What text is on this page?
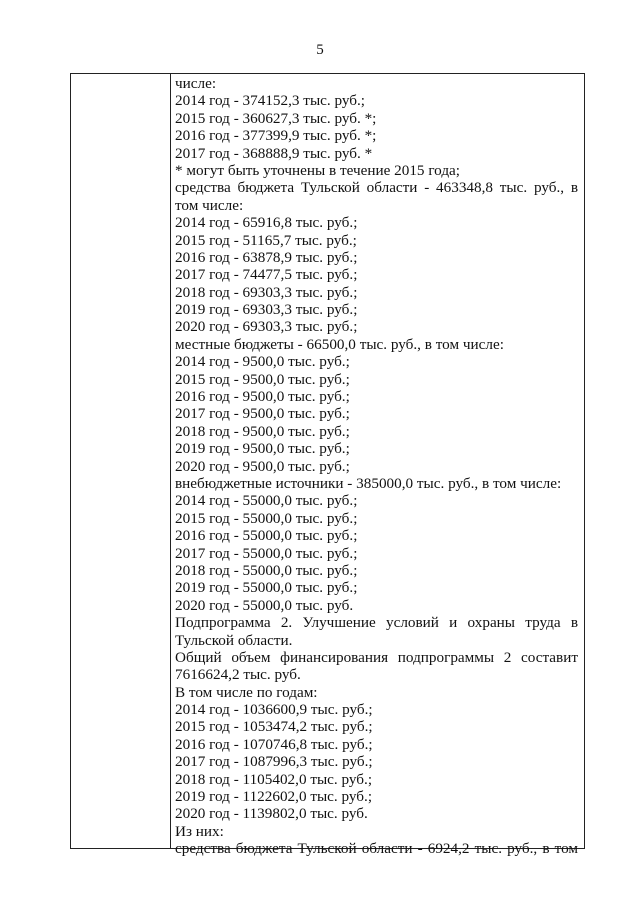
5
числе:
2014 год - 374152,3 тыс. руб.;
2015 год - 360627,3 тыс. руб. *;
2016 год - 377399,9 тыс. руб. *;
2017 год - 368888,9 тыс. руб. *
* могут быть уточнены в течение 2015 года;
средства бюджета Тульской области - 463348,8 тыс. руб., в
том числе:
2014 год - 65916,8 тыс. руб.;
2015 год - 51165,7 тыс. руб.;
2016 год - 63878,9 тыс. руб.;
2017 год - 74477,5 тыс. руб.;
2018 год - 69303,3 тыс. руб.;
2019 год - 69303,3 тыс. руб.;
2020 год - 69303,3 тыс. руб.;
местные бюджеты - 66500,0 тыс. руб., в том числе:
2014 год - 9500,0 тыс. руб.;
2015 год - 9500,0 тыс. руб.;
2016 год - 9500,0 тыс. руб.;
2017 год - 9500,0 тыс. руб.;
2018 год - 9500,0 тыс. руб.;
2019 год - 9500,0 тыс. руб.;
2020 год - 9500,0 тыс. руб.;
внебюджетные источники - 385000,0 тыс. руб., в том числе:
2014 год - 55000,0 тыс. руб.;
2015 год - 55000,0 тыс. руб.;
2016 год - 55000,0 тыс. руб.;
2017 год - 55000,0 тыс. руб.;
2018 год - 55000,0 тыс. руб.;
2019 год - 55000,0 тыс. руб.;
2020 год - 55000,0 тыс. руб.
Подпрограмма 2. Улучшение условий и охраны труда в
Тульской области.
Общий объем финансирования подпрограммы 2 составит
7616624,2 тыс. руб.
В том числе по годам:
2014 год - 1036600,9 тыс. руб.;
2015 год - 1053474,2 тыс. руб.;
2016 год - 1070746,8 тыс. руб.;
2017 год - 1087996,3 тыс. руб.;
2018 год - 1105402,0 тыс. руб.;
2019 год - 1122602,0 тыс. руб.;
2020 год - 1139802,0 тыс. руб.
Из них:
средства бюджета Тульской области - 6924,2 тыс. руб., в том
